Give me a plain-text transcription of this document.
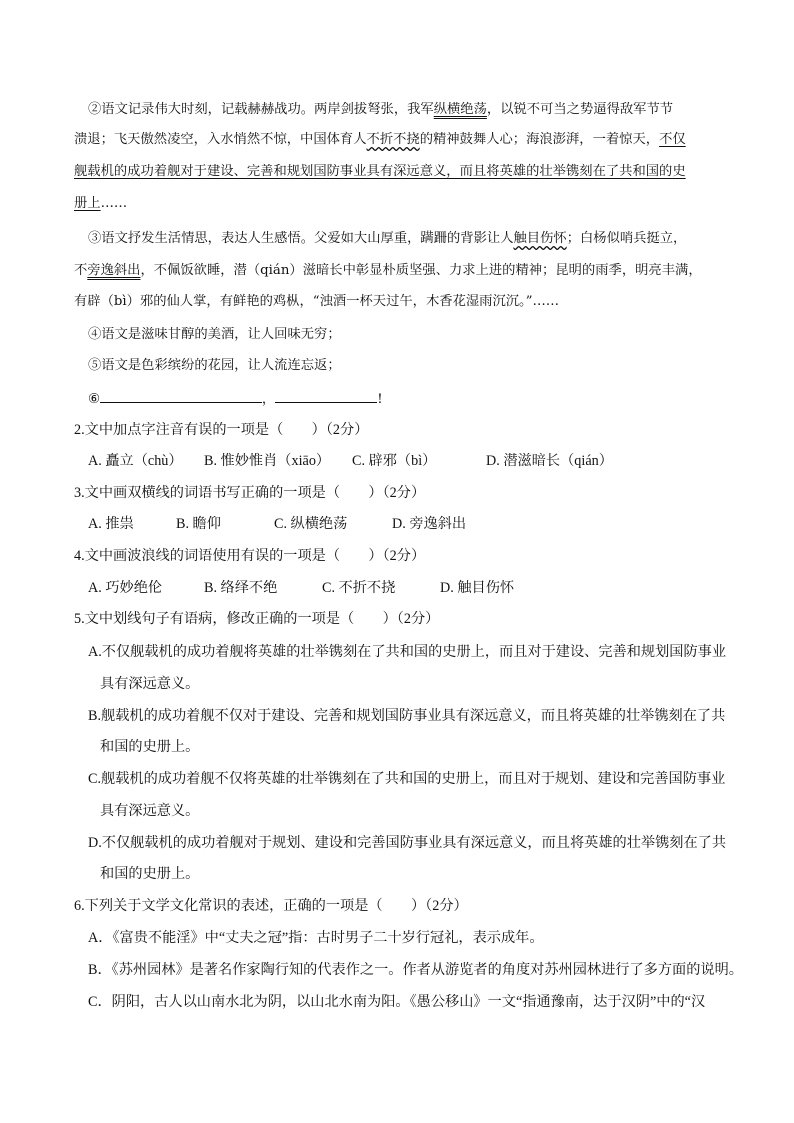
②语文记录伟大时刻，记载赫赫战功。两岸剑拔弩张，我军纵横绝荡，以锐不可当之势逼得敌军节节
溃退；飞天傲然凌空，入水悄然不惊，中国体育人不折不挠的精神鼓舞人心；海浪澎湃，一着惊天，不仅
舰载机的成功着舰对于建设、完善和规划国防事业具有深远意义，而且将英雄的壮举镌刻在了共和国的史
册上……
③语文抒发生活情思，表达人生感悟。父爱如大山厚重，蹒跚的背影让人触目伤怀；白杨似哨兵挺立，
不旁逸斜出，不佩饭欲睡，潜（qián）滋暗长中彰显朴质坚强、力求上进的精神；昆明的雨季，明亮丰满，
有辟（bì）邪的仙人掌，有鲜艳的鸡枞，“浊酒一杯天过午，木香花湿雨沉沉。”……
④语文是滋味甘醇的美酒，让人回味无穷；
⑤语文是色彩缤纷的花园，让人流连忘返；
⑥	，	!
2.文中加点字注音有误的一项是（　　）（2分）
A. 矗立（chù） B. 惟妙惟肖（xiāo） C. 辟邪（bì）	D. 潜滋暗长（qián）
3.文中画双横线的词语书写正确的一项是（　　）（2分）
A. 推祟	B. 瞻仰	C. 纵横绝荡	D. 旁逸斜出
4.文中画波浪线的词语使用有误的一项是（　　）（2分）
A. 巧妙绝伦	B. 络绎不绝	C. 不折不挠	D. 触目伤怀
5.文中划线句子有语病，修改正确的一项是（　　）（2分）
A.不仅舰载机的成功着舰将英雄的壮举镌刻在了共和国的史册上，而且对于建设、完善和规划国防事业
具有深远意义。
B.舰载机的成功着舰不仅对于建设、完善和规划国防事业具有深远意义，而且将英雄的壮举镌刻在了共
和国的史册上。
C.舰载机的成功着舰不仅将英雄的壮举镌刻在了共和国的史册上，而且对于规划、建设和完善国防事业
具有深远意义。
D.不仅舰载机的成功着舰对于规划、建设和完善国防事业具有深远意义，而且将英雄的壮举镌刻在了共
和国的史册上。
6.下列关于文学文化常识的表述，正确的一项是（　　）（2分）
A．《富贵不能淫》中“丈夫之冠”指：古时男子二十岁行冠礼，表示成年。
B．《苏州园林》是著名作家陶行知的代表作之一。作者从游览者的角度对苏州园林进行了多方面的说明。
C．阴阳，古人以山南水北为阴，以山北水南为阳。《愚公移山》一文“指通豫南，达于汉阴”中的“汉
